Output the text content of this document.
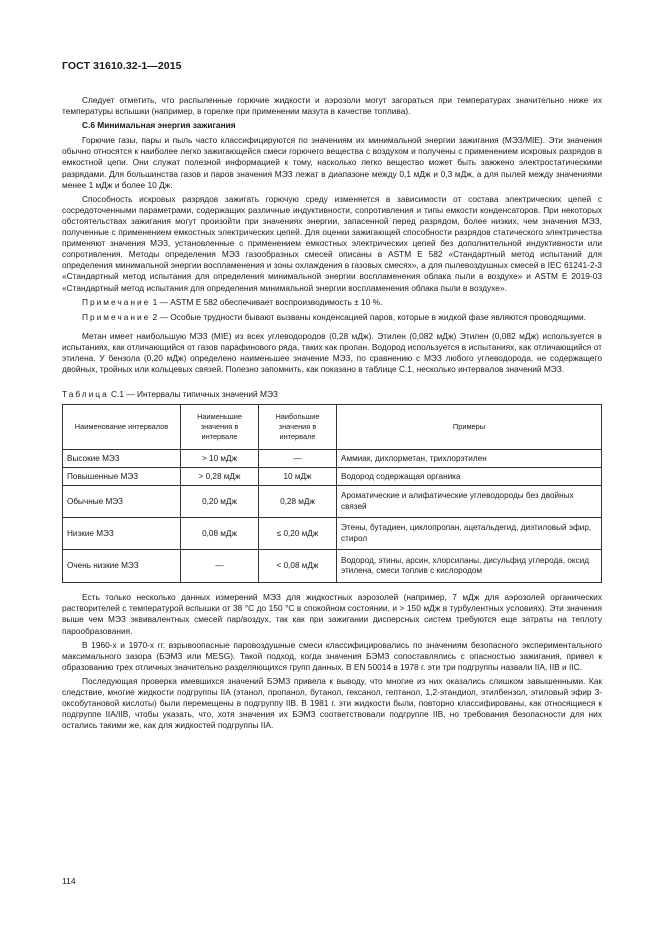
ГОСТ 31610.32-1—2015

Следует отметить, что распыленные горючие жидкости и аэрозоли могут загораться при температурах значительно ниже их температуры вспышки (например, в горелке при применении мазута в качестве топлива).

С.6 Минимальная энергия зажигания

Горючие газы, пары и пыль часто классифицируются по значениям их минимальной энергии зажигания (МЭЗ/MIE). Эти значения обычно относятся к наиболее легко зажигающейся смеси горючего вещества с воздухом и получены с применением искровых разрядов в емкостной цепи. Они служат полезной информацией к тому, насколько легко вещество может быть зажжено электростатическими разрядами. Для большинства газов и паров значения МЭЗ лежат в диапазоне между 0,1 мДж и 0,3 мДж, а для пылей между значениями менее 1 мДж и более 10 Дж.

Способность искровых разрядов зажигать горючую среду изменяется в зависимости от состава электрических цепей с сосредоточенными параметрами, содержащих различные индуктивности, сопротивления и типы емкости конденсаторов. При некоторых обстоятельствах зажигания могут произойти при значениях энергии, запасенной перед разрядом, более низких, чем значения МЭЗ, полученные с применением емкостных электрических цепей. Для оценки зажигающей способности разрядов статического электричества применяют значения МЭЗ, установленные с применением емкостных электрических цепей без дополнительной индуктивности или сопротивления. Методы определения МЭЗ газообразных смесей описаны в ASTM E 582 «Стандартный метод испытаний для определения минимальной энергии воспламенения и зоны охлаждения в газовых смесях», а для пылевоздушных смесей в IEC 61241-2-3 «Стандартный метод испытания для определения минимальной энергии воспламенения облака пыли в воздухе» и ASTM E 2019-03 «Стандартный метод испытания для определения минимальной энергии воспламенения облака пыли в воздухе».

Примечание 1 — ASTM E 582 обеспечивает воспроизводимость ± 10 %.
Примечание 2 — Особые трудности бывают вызваны конденсацией паров, которые в жидкой фазе являются проводящими.

Метан имеет наибольшую МЭЗ (MIE) из всех углеводородов (0,28 мДж). Этилен (0,082 мДж) Этилен (0,082 мДж) используется в испытаниях, как отличающийся от газов парафинового ряда, таких как пропан. Водород используется в испытаниях, как отличающийся от этилена. У бензола (0,20 мДж) определено наименьшее значение МЭЗ, по сравнению с МЭЗ любого углеводорода, не содержащего двойных, тройных или кольцевых связей. Полезно запомнить, как показано в таблице С.1, несколько интервалов значений МЭЗ.

Таблица С.1 — Интервалы типичных значений МЭЗ
Наименование интервалов	Наименьшие значения в интервале	Наибольшие значения в интервале	Примеры
Высокие МЭЗ	> 10 мДж	—	Аммиак, дихлорметан, трихлорэтилен
Повышенные МЭЗ	> 0,28 мДж	10 мДж	Водород содержащая органика
Обычные МЭЗ	0,20 мДж	0,28 мДж	Ароматические и алифатические углеводороды без двойных связей
Низкие МЭЗ	0,08 мДж	≤ 0,20 мДж	Этены, бутадиен, циклопропан, ацетальдегид, диэтиловый эфир, стирол
Очень низкие МЭЗ	—	< 0,08 мДж	Водород, этины, арсин, хлорсиланы, дисульфид углерода, оксид этилена, смеси топлив с кислородом

Есть только несколько данных измерений МЭЗ для жидкостных аэрозолей (например, 7 мДж для аэрозолей органических растворителей с температурой вспышки от 38 °С до 150 °С в спокойном состоянии, и > 150 мДж в турбулентных условиях). Эти значения выше чем МЭЗ эквивалентных смесей пар/воздух, так как при зажигании дисперсных систем требуются еще затраты на теплоту парообразования.

В 1960-х и 1970-х гг. взрывоопасные паровоздушные смеси классифицировались по значениям безопасного экспериментального максимального зазора (БЭМЗ или MESG). Такой подход, когда значения БЭМЗ сопоставлялись с опасностью зажигания, привел к образованию трех отличных значительно разделяющихся групп данных. В EN 50014 в 1978 г. эти три подгруппы назвали IIA, IIB и IIC.

Последующая проверка имевшихся значений БЭМЗ привела к выводу, что многие из них оказались слишком завышенными. Как следствие, многие жидкости подгруппы IIA (этанол, пропанол, бутанол, гексанол, гептанол, 1,2-этандиол, этилбензол, этиловый эфир 3-оксобутановой кислоты) были перемещены в подгруппу IIB. В 1981 г. эти жидкости были, повторно классифированы, как относящиеся к подгруппе IIA/IIB, чтобы указать, что, хотя значения их БЭМЗ соответствовали подгруппе IIB, но требования безопасности для них остались такими же, как для жидкостей подгруппы IIA.

114
